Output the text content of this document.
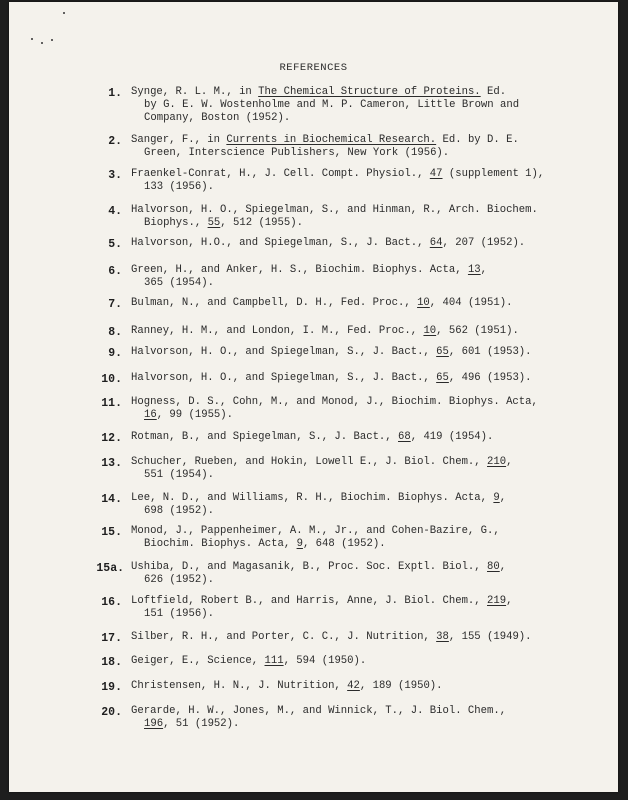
REFERENCES
1. Synge, R. L. M., in The Chemical Structure of Proteins. Ed.
by G. E. W. Wostenholme and M. P. Cameron, Little Brown and
Company, Boston (1952).
2. Sanger, F., in Currents in Biochemical Research. Ed. by D. E.
Green, Interscience Publishers, New York (1956).
3. Fraenkel-Conrat, H., J. Cell. Compt. Physiol., 47 (supplement 1),
133 (1956).
4. Halvorson, H. O., Spiegelman, S., and Hinman, R., Arch. Biochem.
Biophys., 55, 512 (1955).
5. Halvorson, H.O., and Spiegelman, S., J. Bact., 64, 207 (1952).
6. Green, H., and Anker, H. S., Biochim. Biophys. Acta, 13,
365 (1954).
7. Bulman, N., and Campbell, D. H., Fed. Proc., 10, 404 (1951).
8. Ranney, H. M., and London, I. M., Fed. Proc., 10, 562 (1951).
9. Halvorson, H. O., and Spiegelman, S., J. Bact., 65, 601 (1953).
10. Halvorson, H. O., and Spiegelman, S., J. Bact., 65, 496 (1953).
11. Hogness, D. S., Cohn, M., and Monod, J., Biochim. Biophys. Acta,
16, 99 (1955).
12. Rotman, B., and Spiegelman, S., J. Bact., 68, 419 (1954).
13. Schucher, Rueben, and Hokin, Lowell E., J. Biol. Chem., 210,
551 (1954).
14. Lee, N. D., and Williams, R. H., Biochim. Biophys. Acta, 9,
698 (1952).
15. Monod, J., Pappenheimer, A. M., Jr., and Cohen-Bazire, G.,
Biochim. Biophys. Acta, 9, 648 (1952).
15a. Ushiba, D., and Magasanik, B., Proc. Soc. Exptl. Biol., 80,
626 (1952).
16. Loftfield, Robert B., and Harris, Anne, J. Biol. Chem., 219,
151 (1956).
17. Silber, R. H., and Porter, C. C., J. Nutrition, 38, 155 (1949).
18. Geiger, E., Science, 111, 594 (1950).
19. Christensen, H. N., J. Nutrition, 42, 189 (1950).
20. Gerarde, H. W., Jones, M., and Winnick, T., J. Biol. Chem.,
196, 51 (1952).
